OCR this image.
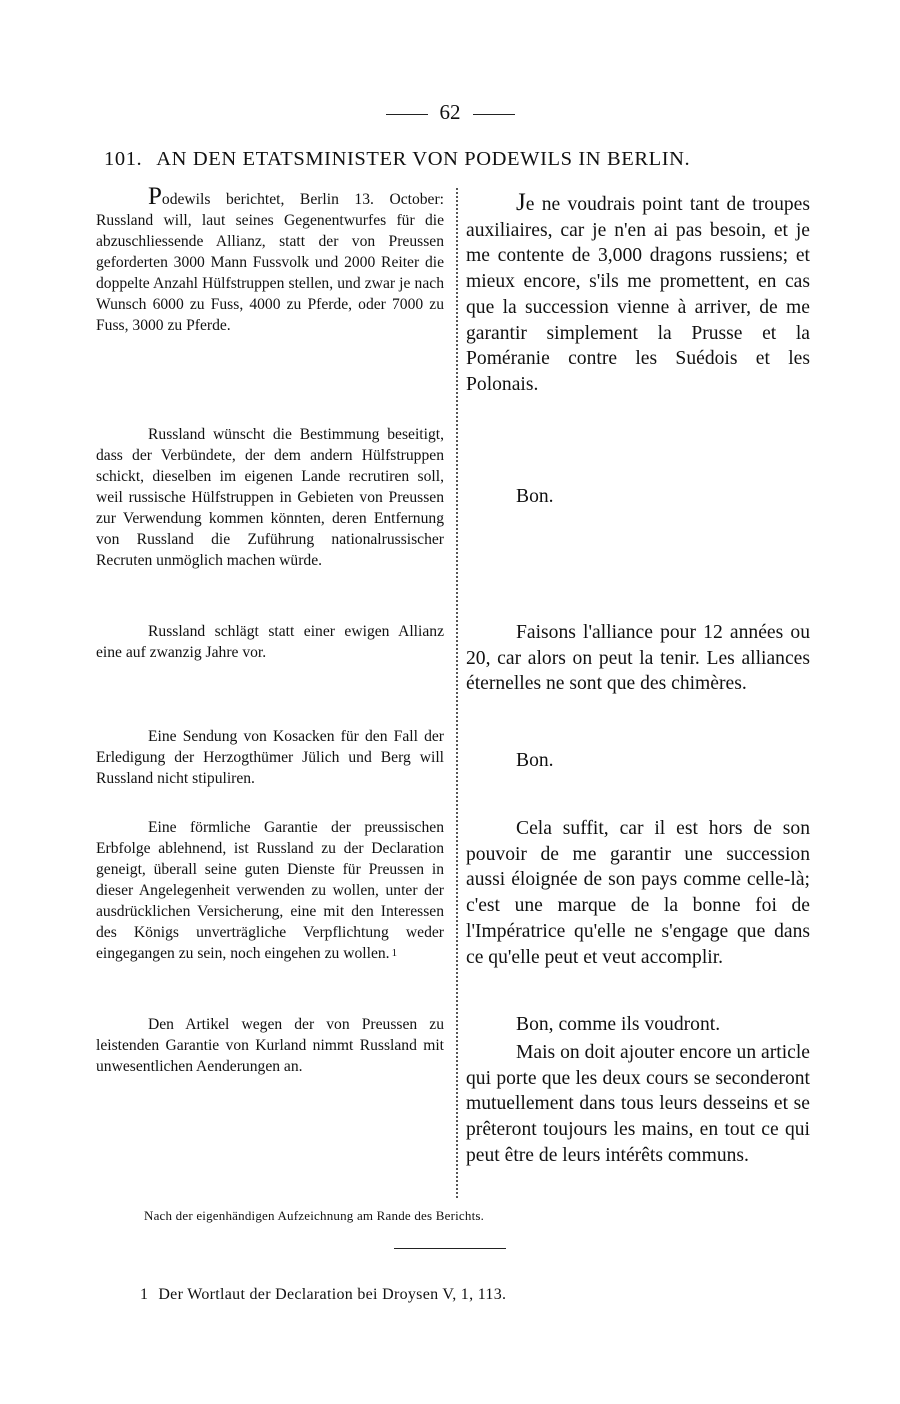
62
101. AN DEN ETATSMINISTER VON PODEWILS IN BERLIN.

Podewils berichtet, Berlin 13. October: Russland will, laut seines Gegenentwurfes für die abzuschliessende Allianz, statt der von Preussen geforderten 3000 Mann Fussvolk und 2000 Reiter die doppelte Anzahl Hülfstruppen stellen, und zwar je nach Wunsch 6000 zu Fuss, 4000 zu Pferde, oder 7000 zu Fuss, 3000 zu Pferde.

Russland wünscht die Bestimmung beseitigt, dass der Verbündete, der dem andern Hülfstruppen schickt, dieselben im eigenen Lande recrutiren soll, weil russische Hülfstruppen in Gebieten von Preussen zur Verwendung kommen könnten, deren Entfernung von Russland die Zuführung nationalrussischer Recruten unmöglich machen würde.

Russland schlägt statt einer ewigen Allianz eine auf zwanzig Jahre vor.

Eine Sendung von Kosacken für den Fall der Erledigung der Herzogthümer Jülich und Berg will Russland nicht stipuliren.

Eine förmliche Garantie der preussischen Erbfolge ablehnend, ist Russland zu der Declaration geneigt, überall seine guten Dienste für Preussen in dieser Angelegenheit verwenden zu wollen, unter der ausdrücklichen Versicherung, eine mit den Interessen des Königs unverträgliche Verpflichtung weder eingegangen zu sein, noch eingehen zu wollen. 1

Den Artikel wegen der von Preussen zu leistenden Garantie von Kurland nimmt Russland mit unwesentlichen Aenderungen an.

Je ne voudrais point tant de troupes auxiliaires, car je n'en ai pas besoin, et je me contente de 3,000 dragons russiens; et mieux encore, s'ils me promettent, en cas que la succession vienne à arriver, de me garantir simplement la Prusse et la Poméranie contre les Suédois et les Polonais.

Bon.

Faisons l'alliance pour 12 années ou 20, car alors on peut la tenir. Les alliances éternelles ne sont que des chimères.

Bon.

Cela suffit, car il est hors de son pouvoir de me garantir une succession aussi éloignée de son pays comme celle-là; c'est une marque de la bonne foi de l'Impératrice qu'elle ne s'engage que dans ce qu'elle peut et veut accomplir.

Bon, comme ils voudront.

Mais on doit ajouter encore un article qui porte que les deux cours se seconderont mutuellement dans tous leurs desseins et se prêteront toujours les mains, en tout ce qui peut être de leurs intérêts communs.

Nach der eigenhändigen Aufzeichnung am Rande des Berichts.
1 Der Wortlaut der Declaration bei Droysen V, 1, 113.
